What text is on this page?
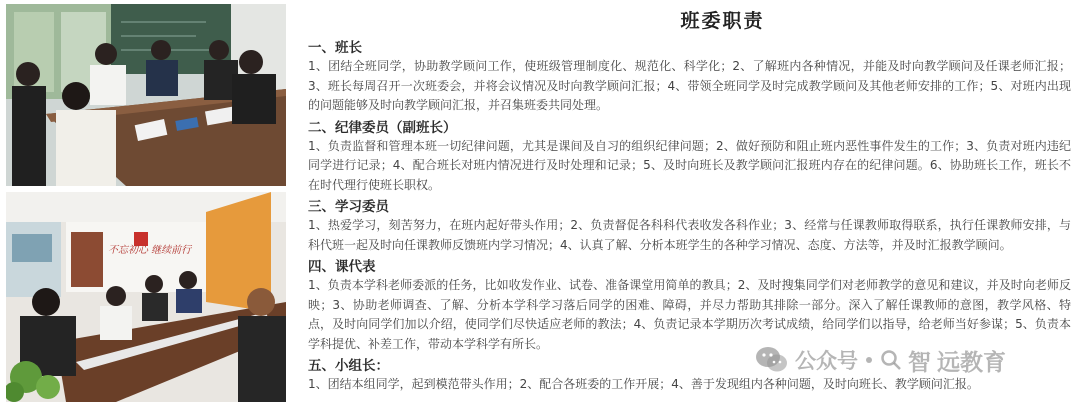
不忘初心 继续前行
班委职责
一、班长
1、团结全班同学，协助教学顾问工作，使班级管理制度化、规范化、科学化；2、了解班内各种情况，并能及时向教学顾问及任课老师汇报；3、班长每周召开一次班委会，并将会议情况及时向教学顾问汇报；4、带领全班同学及时完成教学顾问及其他老师安排的工作；5、对班内出现的问题能够及时向教学顾问汇报，并召集班委共同处理。
二、纪律委员（副班长）
1、负责监督和管理本班一切纪律问题，尤其是课间及自习的组织纪律问题；2、做好预防和阻止班内恶性事件发生的工作；3、负责对班内违纪同学进行记录；4、配合班长对班内情况进行及时处理和记录；5、及时向班长及教学顾问汇报班内存在的纪律问题。6、协助班长工作，班长不在时代理行使班长职权。
三、学习委员
1、热爱学习，刻苦努力，在班内起好带头作用；2、负责督促各科科代表收发各科作业；3、经常与任课教师取得联系，执行任课教师安排，与科代班一起及时向任课教师反馈班内学习情况；4、认真了解、分析本班学生的各种学习情况、态度、方法等，并及时汇报教学顾问。
四、课代表
1、负责本学科老师委派的任务，比如收发作业、试卷、准备课堂用简单的教具；2、及时搜集同学们对老师教学的意见和建议，并及时向老师反映；3、协助老师调查、了解、分析本学科学习落后同学的困难、障碍，并尽力帮助其排除一部分。深入了解任课教师的意图，教学风格、特点，及时向同学们加以介绍，使同学们尽快适应老师的教法；4、负责记录本学期历次考试成绩，给同学们以指导，给老师当好参谋；5、负责本学科提优、补差工作，带动本学科学有所长。
五、小组长：
1、团结本组同学，起到模范带头作用；2、配合各班委的工作开展；4、善于发现组内各种问题，及时向班长、教学顾问汇报。
公众号 智 远教育
